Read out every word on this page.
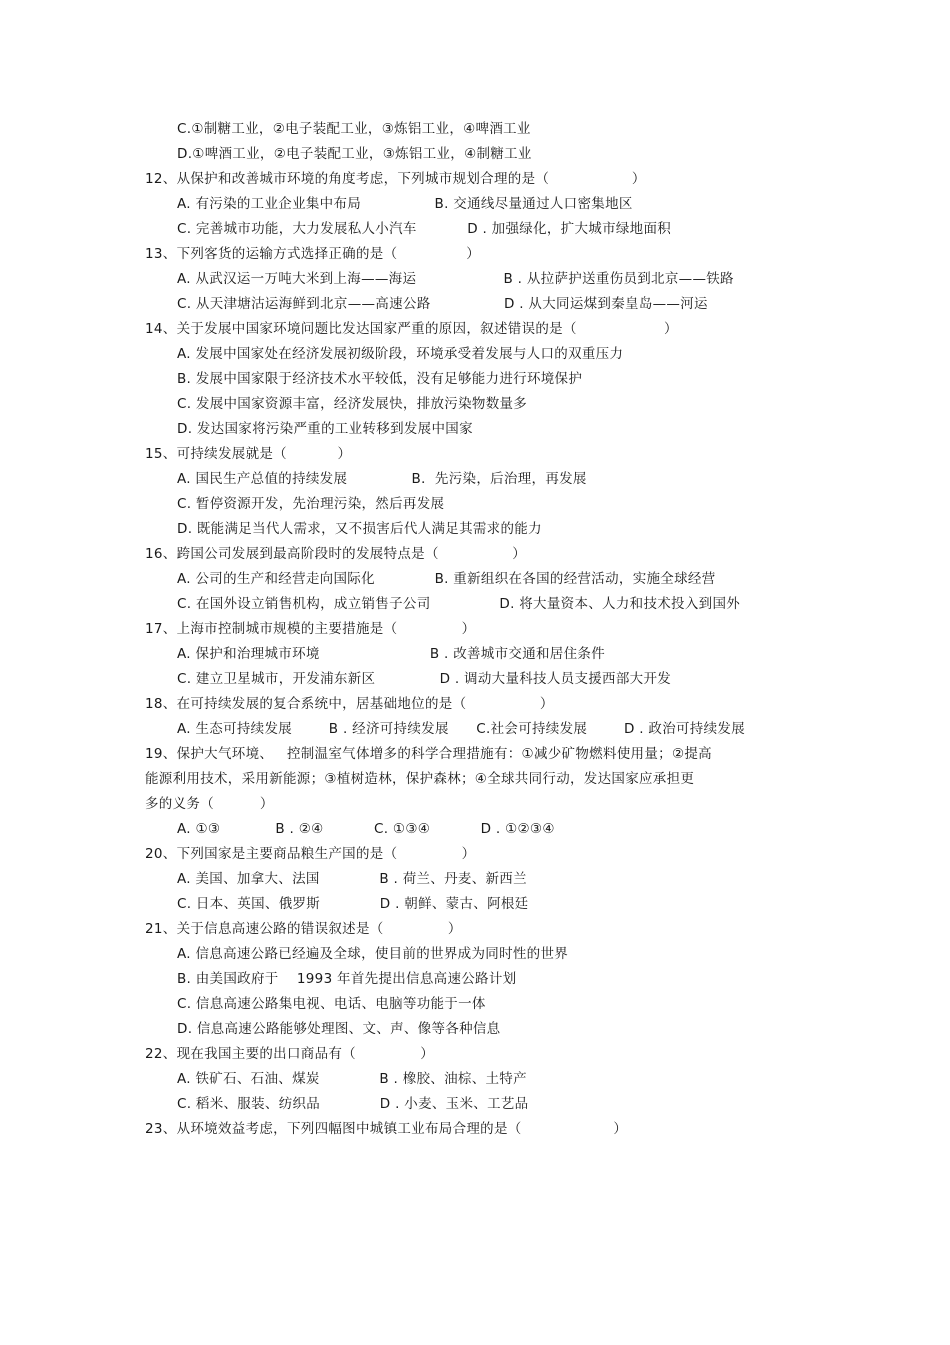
C.①制糖工业，②电子装配工业，③炼铝工业，④啤酒工业
D.①啤酒工业，②电子装配工业，③炼铝工业，④制糖工业
12、从保护和改善城市环境的角度考虑，下列城市规划合理的是（                  ）
A. 有污染的工业企业集中布局                B. 交通线尽量通过人口密集地区
C. 完善城市功能，大力发展私人小汽车           D . 加强绿化，扩大城市绿地面积
13、下列客货的运输方式选择正确的是（               ）
A. 从武汉运一万吨大米到上海——海运                   B . 从拉萨护送重伤员到北京——铁路
C. 从天津塘沽运海鲜到北京——高速公路                D . 从大同运煤到秦皇岛——河运
14、关于发展中国家环境问题比发达国家严重的原因，叙述错误的是（                   ）
A. 发展中国家处在经济发展初级阶段，环境承受着发展与人口的双重压力
B. 发展中国家限于经济技术水平较低，没有足够能力进行环境保护
C. 发展中国家资源丰富，经济发展快，排放污染物数量多
D. 发达国家将污染严重的工业转移到发展中国家
15、可持续发展就是（           ）
A. 国民生产总值的持续发展              B．先污染，后治理，再发展
C. 暂停资源开发，先治理污染，然后再发展
D. 既能满足当代人需求，又不损害后代人满足其需求的能力
16、跨国公司发展到最高阶段时的发展特点是（                ）
A. 公司的生产和经营走向国际化             B. 重新组织在各国的经营活动，实施全球经营
C. 在国外设立销售机构，成立销售子公司               D. 将大量资本、人力和技术投入到国外
17、上海市控制城市规模的主要措施是（              ）
A. 保护和治理城市环境                        B . 改善城市交通和居住条件
C. 建立卫星城市，开发浦东新区              D . 调动大量科技人员支援西部大开发
18、在可持续发展的复合系统中，居基础地位的是（                ）
A. 生态可持续发展        B . 经济可持续发展      C.社会可持续发展        D . 政治可持续发展
19、保护大气环境、   控制温室气体增多的科学合理措施有：①减少矿物燃料使用量；②提高
能源利用技术，采用新能源；③植树造林，保护森林；④全球共同行动，发达国家应承担更
多的义务（          ）
A. ①③            B . ②④           C. ①③④           D . ①②③④
20、下列国家是主要商品粮生产国的是（              ）
A. 美国、加拿大、法国             B . 荷兰、丹麦、新西兰
C. 日本、英国、俄罗斯             D . 朝鲜、蒙古、阿根廷
21、关于信息高速公路的错误叙述是（              ）
A. 信息高速公路已经遍及全球，使目前的世界成为同时性的世界
B. 由美国政府于    1993 年首先提出信息高速公路计划
C. 信息高速公路集电视、电话、电脑等功能于一体
D. 信息高速公路能够处理图、文、声、像等各种信息
22、现在我国主要的出口商品有（              ）
A. 铁矿石、石油、煤炭             B . 橡胶、油棕、土特产
C. 稻米、服装、纺织品             D . 小麦、玉米、工艺品
23、从环境效益考虑，下列四幅图中城镇工业布局合理的是（                    ）
